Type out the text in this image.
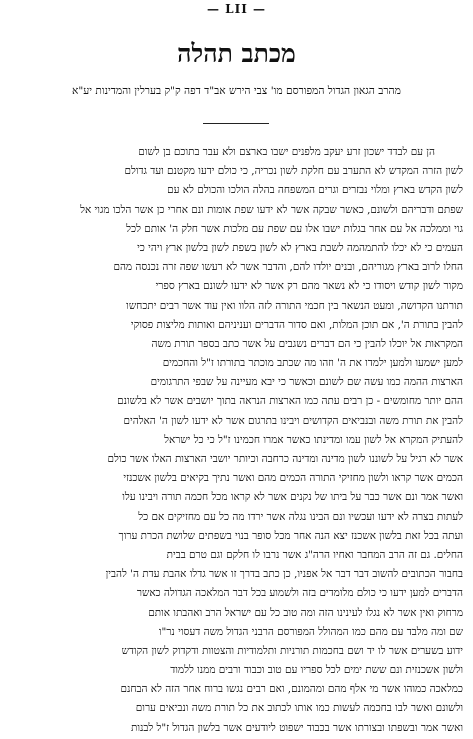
— LII —
מכתב תהלה
מהרב הגאון הגדול המפורסם מו' צבי הירש אב"ד דפה ק"ק בערלין והמדינות יע"א
הן עם לבדד ישכון זרע יעקב מלפנים ישבו בארצם ולא עבר בתוכם בן לשום
לשון הזרה המקדש לא התערב עם חלקת לשון נכריה, כי כולם ידעו מקטנם ועד גדולם
לשון הקדש בארץ ומלוי נבזרים וגרים המשפחה בהלה הולכו והכולם לא עם
שפתם ודבריהם ולשונם, כאשר שבקה אשר לא ידעו שפת אומות ונם אחרי כן אשר הלכו מגוי אל
גוי וממלכה אל עם אחר בגלות ישבו אלו עם שפת עם מלכות אשר חלק ה' אותם לכל
העמים כי לא יכלו להתמהמה לשבת בארץ לא לשון בשפת לשון בלשון ארץ ויהי כי
החלו לרוב בארץ מגוריהם, ובנים יולדו להם, והדבר אשר לא רעשו שפה זרה נכנסה מהם
מקור לשון קודש ויסודו כי לא נשאר מהם רק אשר לא ידעו לשונם בארץ ספרי
תורתנו הקדושה, ומעט הנשאר בין חכמי התורה לזה הלוו ואין עוד אשר רבים יתכחשו
להבין בתורת ה', אם תוכן המלות, ואם סדור הדברים ועניניהם ואותות מליצות פסוקי
המקראות אל יוכלו להבין כי הם דברים נשגבים על אשר כתב בספר תורת משה
למען ישמעו ולמען ילמדו את ה' וזהו מה שכתב מוכתר בתורתו ז"ל והחכמים
הארצות ההמה כמו עשה שם לשונם וכאשר כי יבא מעיינה על שבפי התרגומים
ההם יותר מחומשים - כן רבים עתה כמו הארצות הנראה בתוך יושבים אשר לא בלשונם
להבין את תורת משה ובנביאים הקדושים ויבינו בתרגום אשר לא ידעו לשון ה' האלהים
להעתיק המקרא אל לשון עמו ומדינתו כאשר אמרו חכמינו ז"ל כי כל ישראל
אשר לא רגיל על לשוננו לשון מדינה ומדינה כרחבה וכיותר יושבי הארצות האלו אשר כולם
הכמים אשר קראו ולשון מחזיקי התורה הכמים מהם ואשר נתיך בקיאים בלשון אשכנזי
ואשר אמר ונם אשר כבר על ביתו של נקנים אשר לא קראו מכל חכמה תורה ויבינו עלו
לעתות בצרה לא ידעו ועכשיו ונם הבינו נגלה אשר ירדו מה כל עם מחזיקים אם כל
ועתה בכל זאת בלשון אשכנז יצא הנה אחר מכל סופר בנוי בשפתים שלושת הכרת ערוך
החלים. גם זה הרב המחבר ואחיו הרה"ג אשר נרבו לו חלקם וגם טרם בבית
בחבור הכתובים להשוב דבר דבר אל אפניו, כן כתב בדרך זו אשר גדלו אהבת עדת ה' להבין
הדברים למען ידעו כי כולם מלומדים בזה ולשמוע בכל דבר המלאכה הגדולה כאשר
מרחוק ואין אשר לא נגלו לעינינו הזה ומה טוב כל עם ישראל הרב ואהבתו אותם
שם ומה מלבד עם מהם כמו המהולל המפורסם הרבני הגדול משה דעסוי נר"ו
ידוע בשערים אשר לו יד ושם בחכמות תורניות ותלמודיות והצטוות ודקדוק לשון הקודש
ולשון אשכנזית ונם ששת ימים לכל ספריו עם טוב וכבוד ורבים ממנו ללמוד
כמלאכה כמוהו אשר מי אלף מהם ומהמונם, ואם רבים נגשו ברוח אחר הזה לא הבחנם
ולשונם ואשר לבו בחכמה לעשות כמו אותו לכתוב את כל תורת משה ונביאים ערום
ואשר אמר ובשפתו ובצורתו אשר בכבוד ישפוט ליודעים אשר בלשון הגדול ז"ל לבנות
